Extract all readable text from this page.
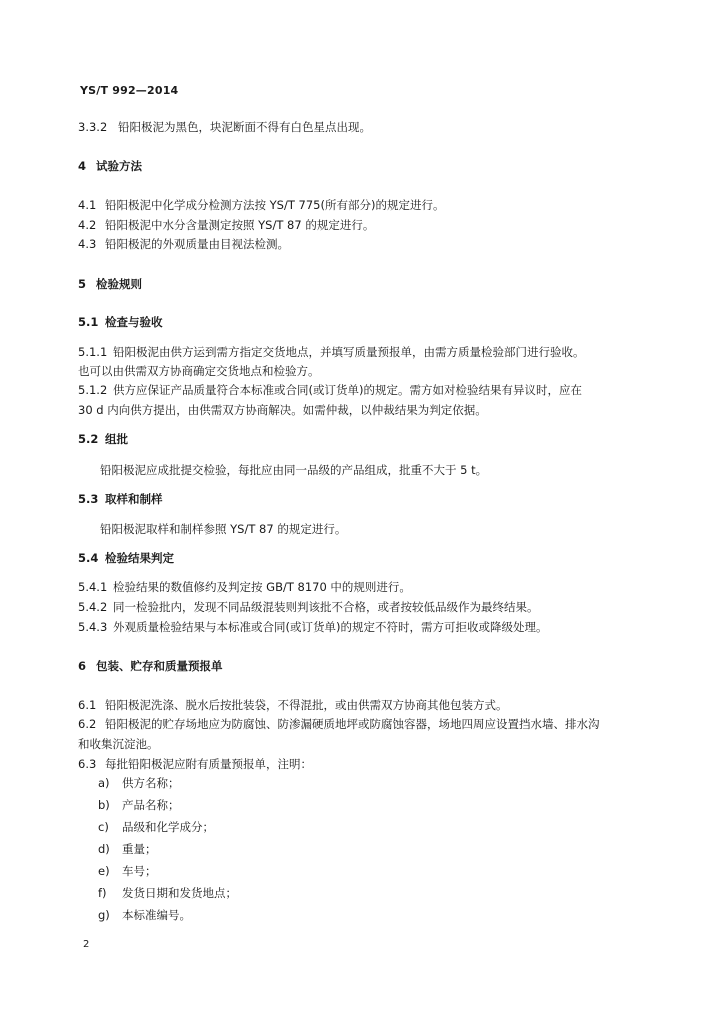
YS/T 992—2014
3.3.2 铅阳极泥为黑色，块泥断面不得有白色星点出现。
4 试验方法
4.1 铅阳极泥中化学成分检测方法按 YS/T 775(所有部分)的规定进行。
4.2 铅阳极泥中水分含量测定按照 YS/T 87 的规定进行。
4.3 铅阳极泥的外观质量由目视法检测。
5 检验规则
5.1 检查与验收
5.1.1 铅阳极泥由供方运到需方指定交货地点，并填写质量预报单，由需方质量检验部门进行验收。
也可以由供需双方协商确定交货地点和检验方。
5.1.2 供方应保证产品质量符合本标准或合同(或订货单)的规定。需方如对检验结果有异议时，应在
30 d 内向供方提出，由供需双方协商解决。如需仲裁，以仲裁结果为判定依据。
5.2 组批
铅阳极泥应成批提交检验，每批应由同一品级的产品组成，批重不大于 5 t。
5.3 取样和制样
铅阳极泥取样和制样参照 YS/T 87 的规定进行。
5.4 检验结果判定
5.4.1 检验结果的数值修约及判定按 GB/T 8170 中的规则进行。
5.4.2 同一检验批内，发现不同品级混装则判该批不合格，或者按较低品级作为最终结果。
5.4.3 外观质量检验结果与本标准或合同(或订货单)的规定不符时，需方可拒收或降级处理。
6 包装、贮存和质量预报单
6.1 铅阳极泥洗涤、脱水后按批装袋，不得混批，或由供需双方协商其他包装方式。
6.2 铅阳极泥的贮存场地应为防腐蚀、防渗漏硬质地坪或防腐蚀容器，场地四周应设置挡水墙、排水沟
和收集沉淀池。
6.3 每批铅阳极泥应附有质量预报单，注明：
a) 供方名称；
b) 产品名称；
c) 品级和化学成分；
d) 重量；
e) 车号；
f) 发货日期和发货地点；
g) 本标准编号。
2
